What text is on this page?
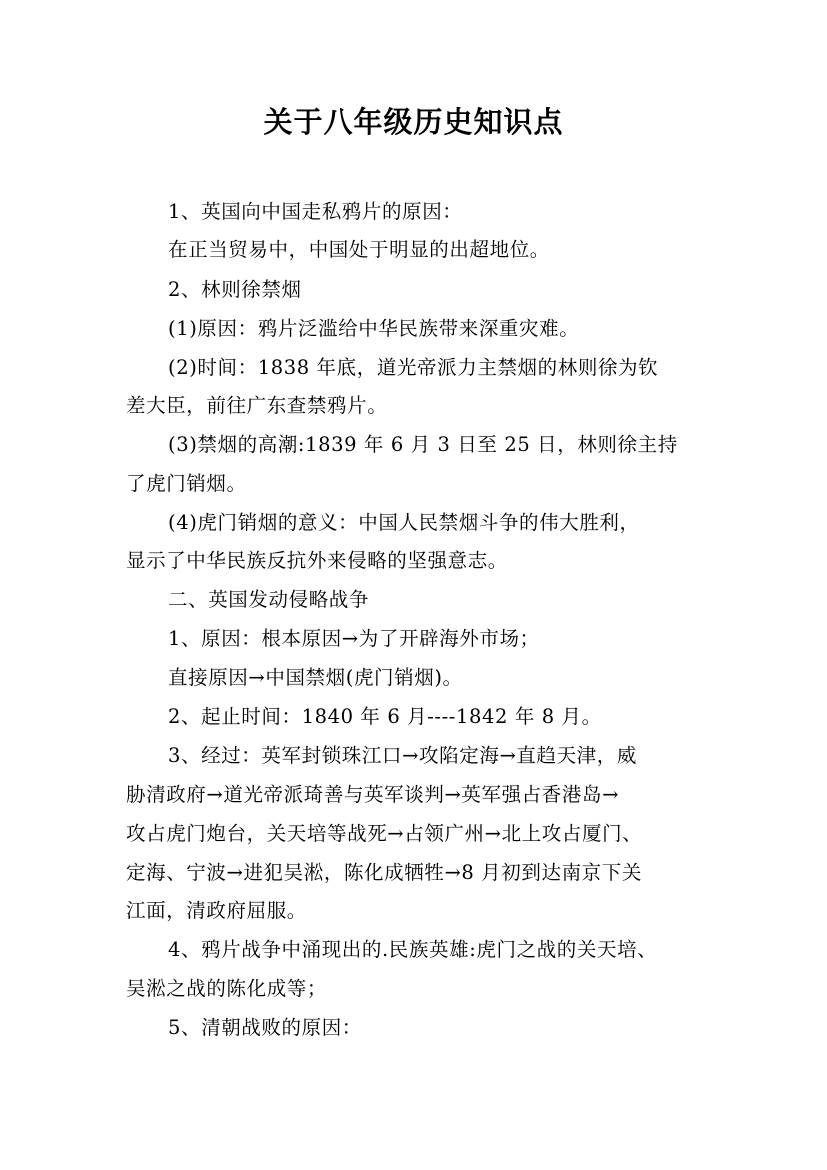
关于八年级历史知识点
1、英国向中国走私鸦片的原因：
在正当贸易中，中国处于明显的出超地位。
2、林则徐禁烟
(1)原因：鸦片泛滥给中华民族带来深重灾难。
(2)时间：1838 年底，道光帝派力主禁烟的林则徐为钦
差大臣，前往广东查禁鸦片。
(3)禁烟的高潮:1839 年 6 月 3 日至 25 日，林则徐主持
了虎门销烟。
(4)虎门销烟的意义：中国人民禁烟斗争的伟大胜利，
显示了中华民族反抗外来侵略的坚强意志。
二、英国发动侵略战争
1、原因：根本原因→为了开辟海外市场；
直接原因→中国禁烟(虎门销烟)。
2、起止时间：1840 年 6 月----1842 年 8 月。
3、经过：英军封锁珠江口→攻陷定海→直趋天津，威
胁清政府→道光帝派琦善与英军谈判→英军强占香港岛→
攻占虎门炮台，关天培等战死→占领广州→北上攻占厦门、
定海、宁波→进犯吴淞，陈化成牺牲→8 月初到达南京下关
江面，清政府屈服。
4、鸦片战争中涌现出的.民族英雄:虎门之战的关天培、
吴淞之战的陈化成等；
5、清朝战败的原因：
